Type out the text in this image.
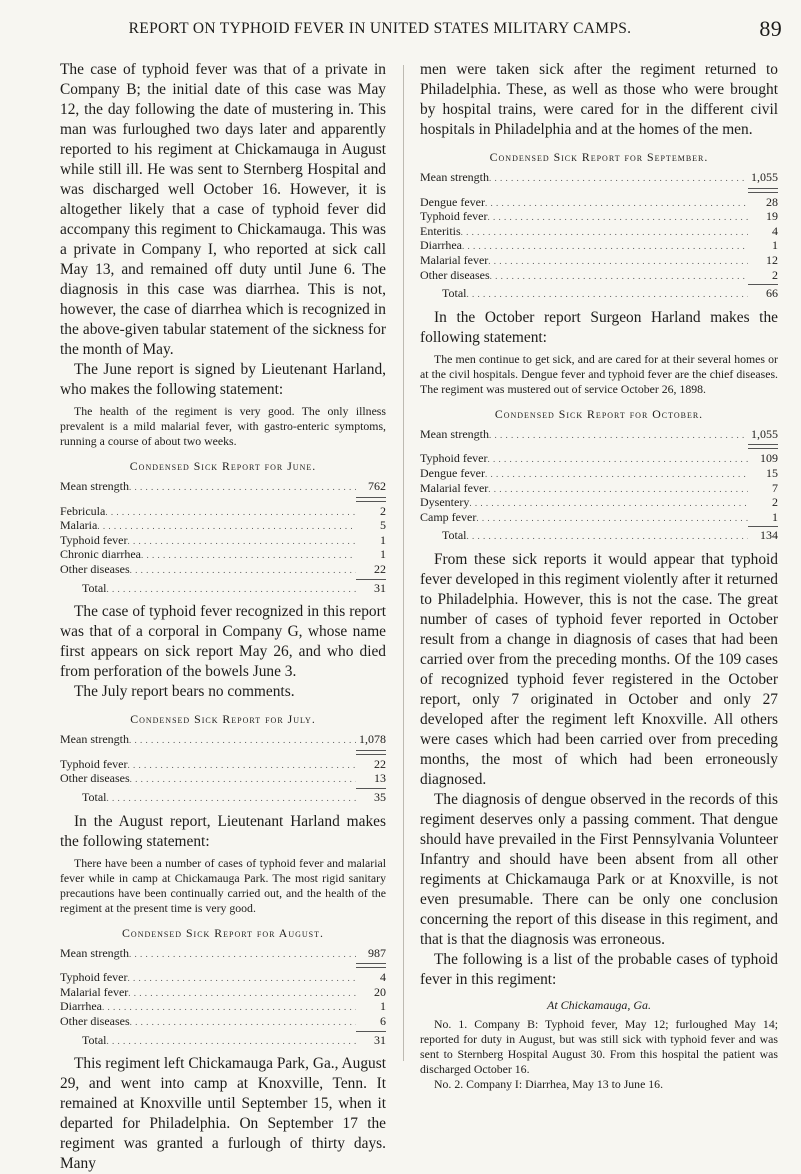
REPORT ON TYPHOID FEVER IN UNITED STATES MILITARY CAMPS.	89

The case of typhoid fever was that of a private in Company B; the initial date of this case was May 12, the day following the date of mustering in. This man was furloughed two days later and apparently reported to his regiment at Chickamauga in August while still ill. He was sent to Sternberg Hospital and was discharged well October 16. However, it is altogether likely that a case of typhoid fever did accompany this regiment to Chickamauga. This was a private in Company I, who reported at sick call May 13, and remained off duty until June 6. The diagnosis in this case was diarrhea. This is not, however, the case of diarrhea which is recognized in the above-given tabular statement of the sickness for the month of May.

The June report is signed by Lieutenant Harland, who makes the following statement:

The health of the regiment is very good. The only illness prevalent is a mild malarial fever, with gastro-enteric symptoms, running a course of about two weeks.

Condensed Sick Report for June.
Mean strength . . .	762
Febricula . . .	2
Malaria . . .	5
Typhoid fever . . .	1
Chronic diarrhea . . .	1
Other diseases . . .	22
Total . . .	31

The case of typhoid fever recognized in this report was that of a corporal in Company G, whose name first appears on sick report May 26, and who died from perforation of the bowels June 3.

The July report bears no comments.

Condensed Sick Report for July.
Mean strength . . .	1,078
Typhoid fever . . .	22
Other diseases . . .	13
Total . . .	35

In the August report, Lieutenant Harland makes the following statement:

There have been a number of cases of typhoid fever and malarial fever while in camp at Chickamauga Park. The most rigid sanitary precautions have been continually carried out, and the health of the regiment at the present time is very good.

Condensed Sick Report for August.
Mean strength . . .	987
Typhoid fever . . .	4
Malarial fever . . .	20
Diarrhea . . .	1
Other diseases . . .	6
Total . . .	31

This regiment left Chickamauga Park, Ga., August 29, and went into camp at Knoxville, Tenn. It remained at Knoxville until September 15, when it departed for Philadelphia. On September 17 the regiment was granted a furlough of thirty days. Many

men were taken sick after the regiment returned to Philadelphia. These, as well as those who were brought by hospital trains, were cared for in the different civil hospitals in Philadelphia and at the homes of the men.

Condensed Sick Report for September.
Mean strength . . .	1,055
Dengue fever . . .	28
Typhoid fever . . .	19
Enteritis . . .	4
Diarrhea . . .	1
Malarial fever . . .	12
Other diseases . . .	2
Total . . .	66

In the October report Surgeon Harland makes the following statement:

The men continue to get sick, and are cared for at their several homes or at the civil hospitals. Dengue fever and typhoid fever are the chief diseases. The regiment was mustered out of service October 26, 1898.

Condensed Sick Report for October.
Mean strength . . .	1,055
Typhoid fever . . .	109
Dengue fever . . .	15
Malarial fever . . .	7
Dysentery . . .	2
Camp fever . . .	1
Total . . .	134

From these sick reports it would appear that typhoid fever developed in this regiment violently after it returned to Philadelphia. However, this is not the case. The great number of cases of typhoid fever reported in October result from a change in diagnosis of cases that had been carried over from the preceding months. Of the 109 cases of recognized typhoid fever registered in the October report, only 7 originated in October and only 27 developed after the regiment left Knoxville. All others were cases which had been carried over from preceding months, the most of which had been erroneously diagnosed.

The diagnosis of dengue observed in the records of this regiment deserves only a passing comment. That dengue should have prevailed in the First Pennsylvania Volunteer Infantry and should have been absent from all other regiments at Chickamauga Park or at Knoxville, is not even presumable. There can be only one conclusion concerning the report of this disease in this regiment, and that is that the diagnosis was erroneous.

The following is a list of the probable cases of typhoid fever in this regiment:

At Chickamauga, Ga.

No. 1. Company B: Typhoid fever, May 12; furloughed May 14; reported for duty in August, but was still sick with typhoid fever and was sent to Sternberg Hospital August 30. From this hospital the patient was discharged October 16.

No. 2. Company I: Diarrhea, May 13 to June 16.
